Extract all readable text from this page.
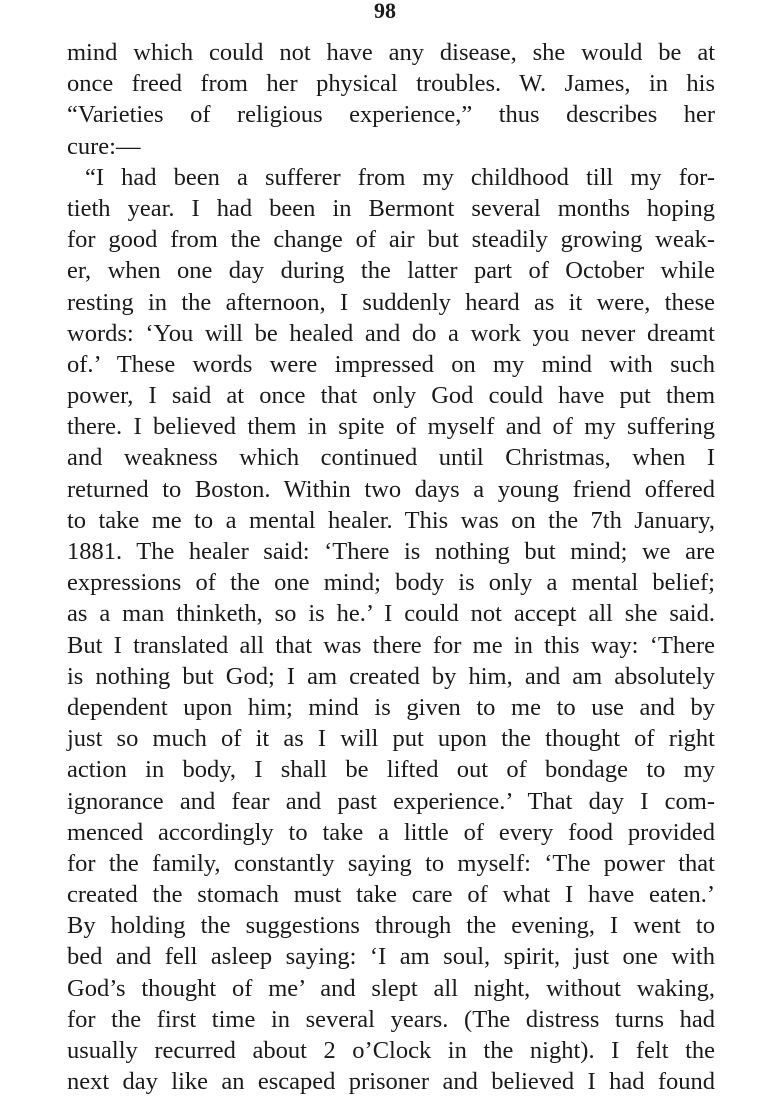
98
mind which could not have any disease, she would be at
once freed from her physical troubles. W. James, in his
“Varieties of religious experience,” thus describes her
cure:—
“I had been a sufferer from my childhood till my for-
tieth year. I had been in Bermont several months hoping
for good from the change of air but steadily growing weak-
er, when one day during the latter part of October while
resting in the afternoon, I suddenly heard as it were, these
words: ‘You will be healed and do a work you never dreamt
of.’ These words were impressed on my mind with such
power, I said at once that only God could have put them
there. I believed them in spite of myself and of my suffering
and weakness which continued until Christmas, when I
returned to Boston. Within two days a young friend offered
to take me to a mental healer. This was on the 7th January,
1881. The healer said: ‘There is nothing but mind; we are
expressions of the one mind; body is only a mental belief;
as a man thinketh, so is he.’ I could not accept all she said.
But I translated all that was there for me in this way: ‘There
is nothing but God; I am created by him, and am absolutely
dependent upon him; mind is given to me to use and by
just so much of it as I will put upon the thought of right
action in body, I shall be lifted out of bondage to my
ignorance and fear and past experience.’ That day I com-
menced accordingly to take a little of every food provided
for the family, constantly saying to myself: ‘The power that
created the stomach must take care of what I have eaten.’
By holding the suggestions through the evening, I went to
bed and fell asleep saying: ‘I am soul, spirit, just one with
God’s thought of me’ and slept all night, without waking,
for the first time in several years. (The distress turns had
usually recurred about 2 o’Clock in the night). I felt the
next day like an escaped prisoner and believed I had found
